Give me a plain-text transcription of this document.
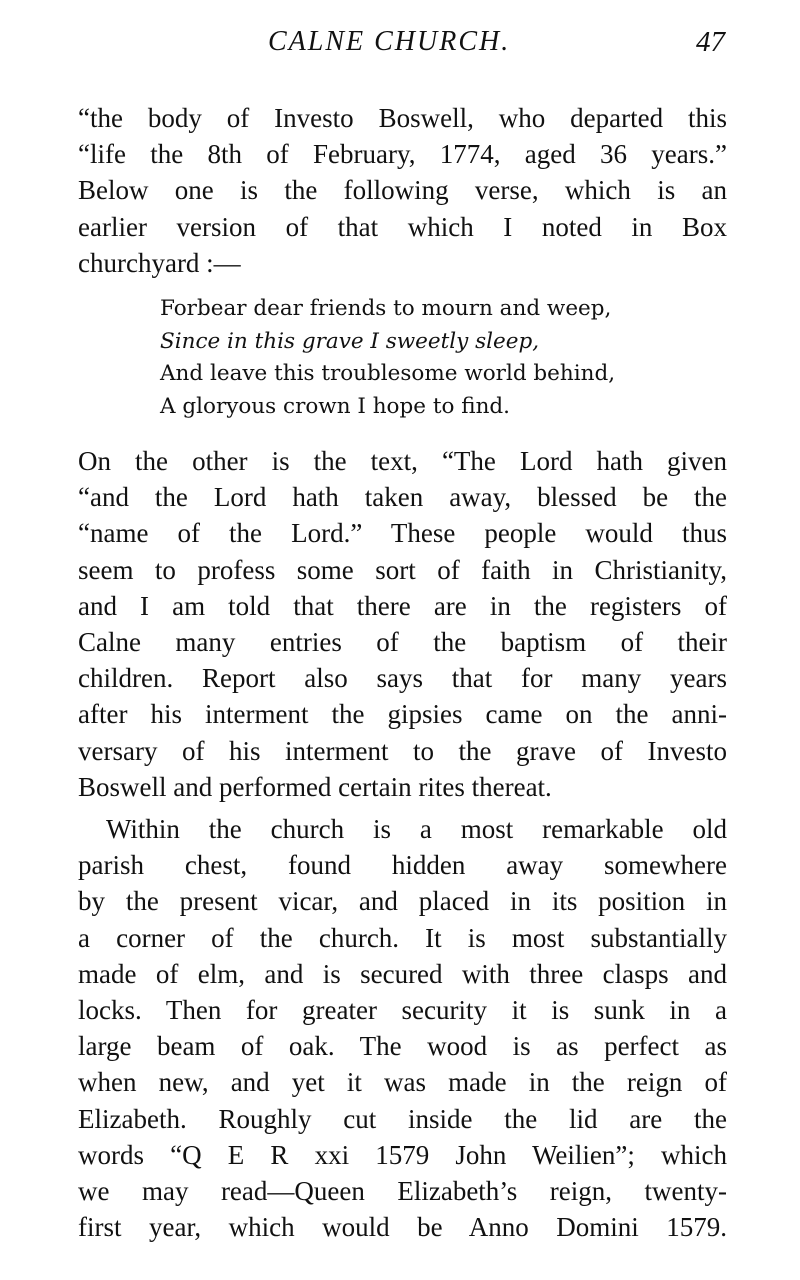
CALNE CHURCH.	47
“the body of Investo Boswell, who departed this
“life the 8th of February, 1774, aged 36 years.”
Below one is the following verse, which is an
earlier version of that which I noted in Box
churchyard :—
Forbear dear friends to mourn and weep,
Since in this grave I sweetly sleep,
And leave this troublesome world behind,
A gloryous crown I hope to find.
On the other is the text, “The Lord hath given
“and the Lord hath taken away, blessed be the
“name of the Lord.” These people would thus
seem to profess some sort of faith in Christianity,
and I am told that there are in the registers of
Calne many entries of the baptism of their
children. Report also says that for many years
after his interment the gipsies came on the anni-
versary of his interment to the grave of Investo
Boswell and performed certain rites thereat.
Within the church is a most remarkable old
parish chest, found hidden away somewhere
by the present vicar, and placed in its position in
a corner of the church. It is most substantially
made of elm, and is secured with three clasps and
locks. Then for greater security it is sunk in a
large beam of oak. The wood is as perfect as
when new, and yet it was made in the reign of
Elizabeth. Roughly cut inside the lid are the
words “Q E R xxi 1579 John Weilien”; which
we may read—Queen Elizabeth’s reign, twenty-
first year, which would be Anno Domini 1579.
